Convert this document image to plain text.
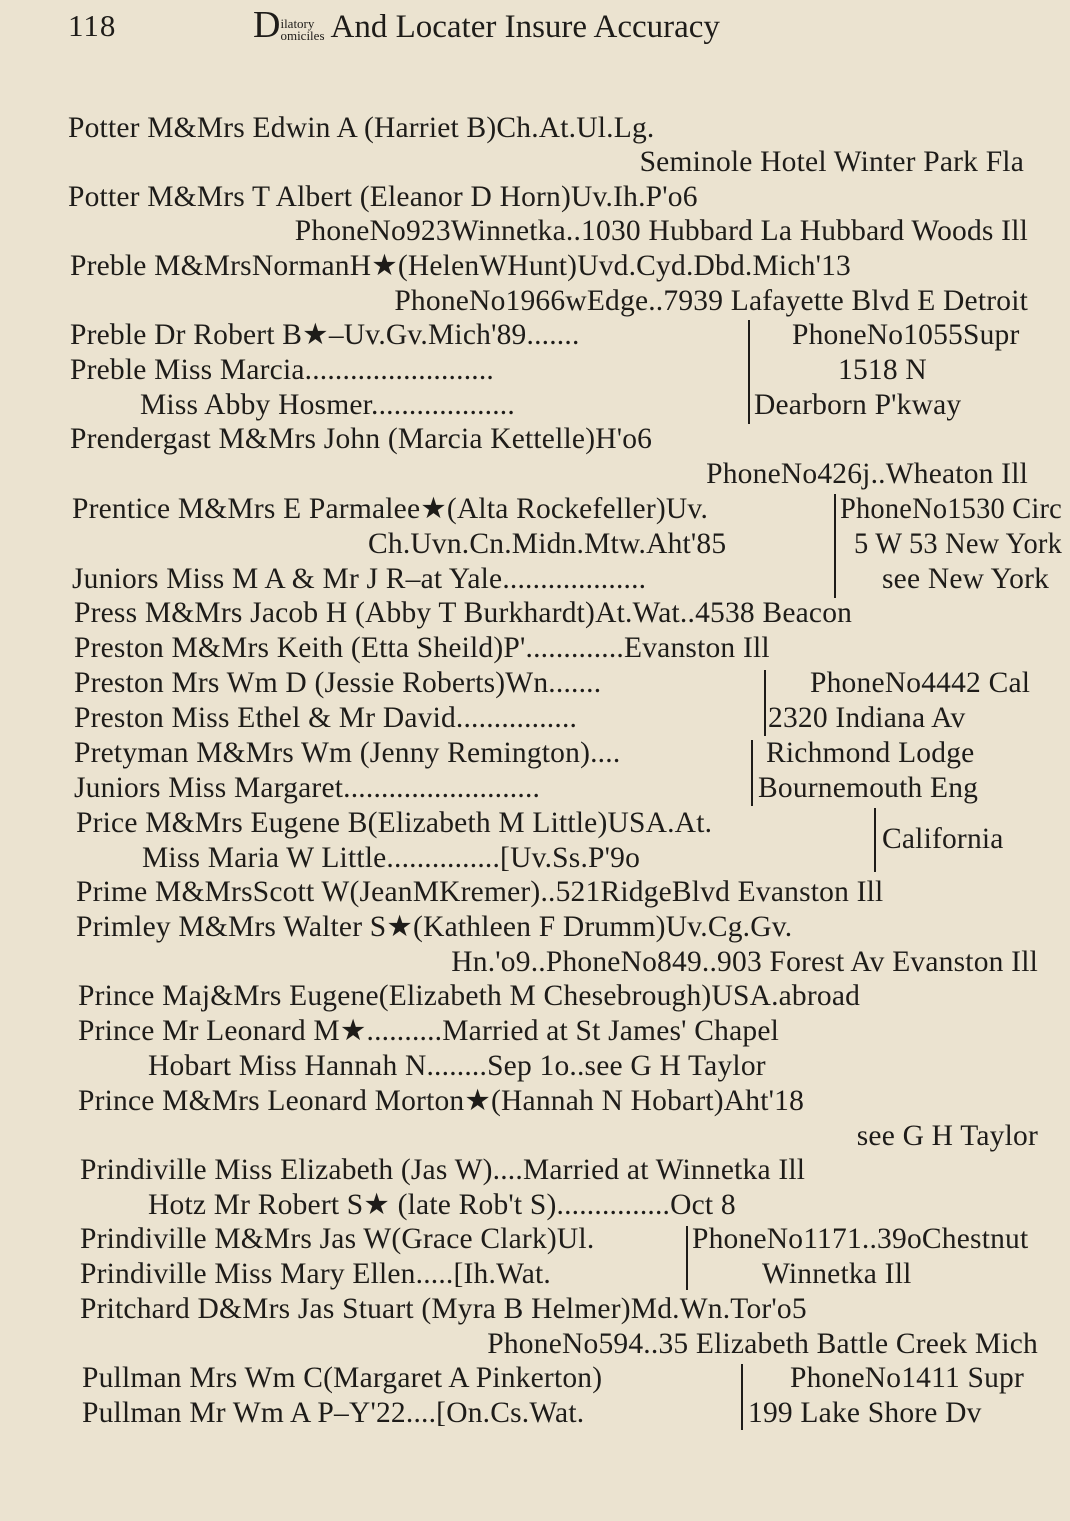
118	Dilatory
omiciles And Locater Insure Accuracy
Potter M&Mrs Edwin A (Harriet B)Ch.At.Ul.Lg.
Seminole Hotel Winter Park Fla
Potter M&Mrs T Albert (Eleanor D Horn)Uv.Ih.P'o6
PhoneNo923Winnetka..1030 Hubbard La Hubbard Woods Ill
Preble M&MrsNormanH★(HelenWHunt)Uvd.Cyd.Dbd.Mich'13
PhoneNo1966wEdge..7939 Lafayette Blvd E Detroit
Preble Dr Robert B★–Uv.Gv.Mich'89.......	PhoneNo1055Supr
Preble Miss Marcia.........................	1518 N
Miss Abby Hosmer...................	Dearborn P'kway
Prendergast M&Mrs John (Marcia Kettelle)H'o6
PhoneNo426j..Wheaton Ill
Prentice M&Mrs E Parmalee★(Alta Rockefeller)Uv.	PhoneNo1530 Circ
Ch.Uvn.Cn.Midn.Mtw.Aht'85	5 W 53 New York
Juniors Miss M A & Mr J R–at Yale...................	see New York
Press M&Mrs Jacob H (Abby T Burkhardt)At.Wat..4538 Beacon
Preston M&Mrs Keith (Etta Sheild)P'.............Evanston Ill
Preston Mrs Wm D (Jessie Roberts)Wn.......	PhoneNo4442 Cal
Preston Miss Ethel & Mr David................	2320 Indiana Av
Pretyman M&Mrs Wm (Jenny Remington)....	Richmond Lodge
Juniors Miss Margaret..........................	Bournemouth Eng
Price M&Mrs Eugene B(Elizabeth M Little)USA.At.
Miss Maria W Little...............[Uv.Ss.P'9o
California
Prime M&MrsScott W(JeanMKremer)..521RidgeBlvd Evanston Ill
Primley M&Mrs Walter S★(Kathleen F Drumm)Uv.Cg.Gv.
Hn.'o9..PhoneNo849..903 Forest Av Evanston Ill
Prince Maj&Mrs Eugene(Elizabeth M Chesebrough)USA.abroad
Prince Mr Leonard M★..........Married at St James' Chapel
Hobart Miss Hannah N........Sep 1o..see G H Taylor
Prince M&Mrs Leonard Morton★(Hannah N Hobart)Aht'18
see G H Taylor
Prindiville Miss Elizabeth (Jas W)....Married at Winnetka Ill
Hotz Mr Robert S★ (late Rob't S)...............Oct 8
Prindiville M&Mrs Jas W(Grace Clark)Ul.	PhoneNo1171..39oChestnut
Prindiville Miss Mary Ellen.....[Ih.Wat.	Winnetka Ill
Pritchard D&Mrs Jas Stuart (Myra B Helmer)Md.Wn.Tor'o5
PhoneNo594..35 Elizabeth Battle Creek Mich
Pullman Mrs Wm C(Margaret A Pinkerton)	PhoneNo1411 Supr
Pullman Mr Wm A P–Y'22....[On.Cs.Wat.	199 Lake Shore Dv
